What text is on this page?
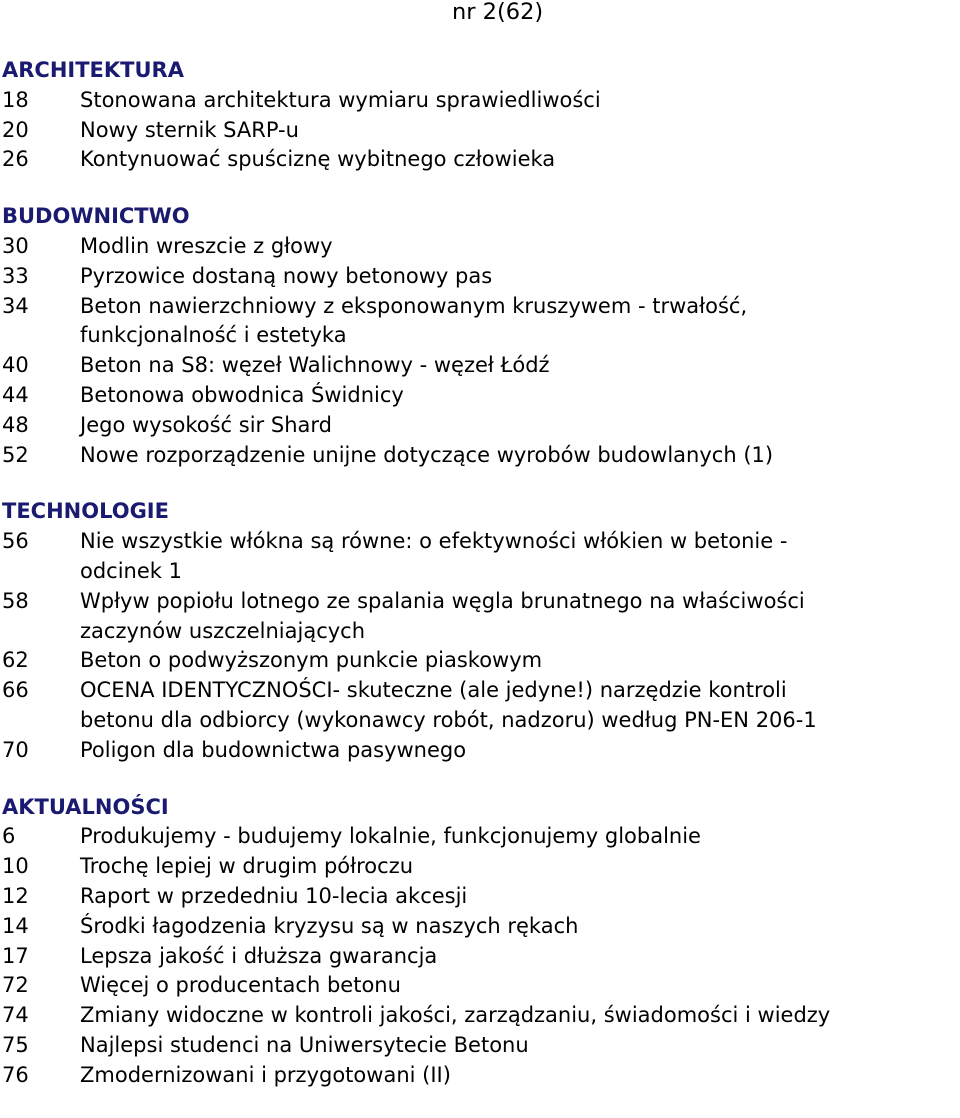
nr 2(62)
ARCHITEKTURA
18	Stonowana architektura wymiaru sprawiedliwości
20	Nowy sternik SARP-u
26	Kontynuować spuściznę wybitnego człowieka
BUDOWNICTWO
30	Modlin wreszcie z głowy
33	Pyrzowice dostaną nowy betonowy pas
34	Beton nawierzchniowy z eksponowanym kruszywem - trwałość,
funkcjonalność i estetyka
40	Beton na S8: węzeł Walichnowy - węzeł Łódź
44	Betonowa obwodnica Świdnicy
48	Jego wysokość sir Shard
52	Nowe rozporządzenie unijne dotyczące wyrobów budowlanych (1)
TECHNOLOGIE
56	Nie wszystkie włókna są równe: o efektywności włókien w betonie -
odcinek 1
58	Wpływ popiołu lotnego ze spalania węgla brunatnego na właściwości
zaczynów uszczelniających
62	Beton o podwyższonym punkcie piaskowym
66	OCENA IDENTYCZNOŚCI- skuteczne (ale jedyne!) narzędzie kontroli
betonu dla odbiorcy (wykonawcy robót, nadzoru) według PN-EN 206-1
70	Poligon dla budownictwa pasywnego
AKTUALNOŚCI
6	Produkujemy - budujemy lokalnie, funkcjonujemy globalnie
10	Trochę lepiej w drugim półroczu
12	Raport w przededniu 10-lecia akcesji
14	Środki łagodzenia kryzysu są w naszych rękach
17	Lepsza jakość i dłuższa gwarancja
72	Więcej o producentach betonu
74	Zmiany widoczne w kontroli jakości, zarządzaniu, świadomości i wiedzy
75	Najlepsi studenci na Uniwersytecie Betonu
76	Zmodernizowani i przygotowani (II)
